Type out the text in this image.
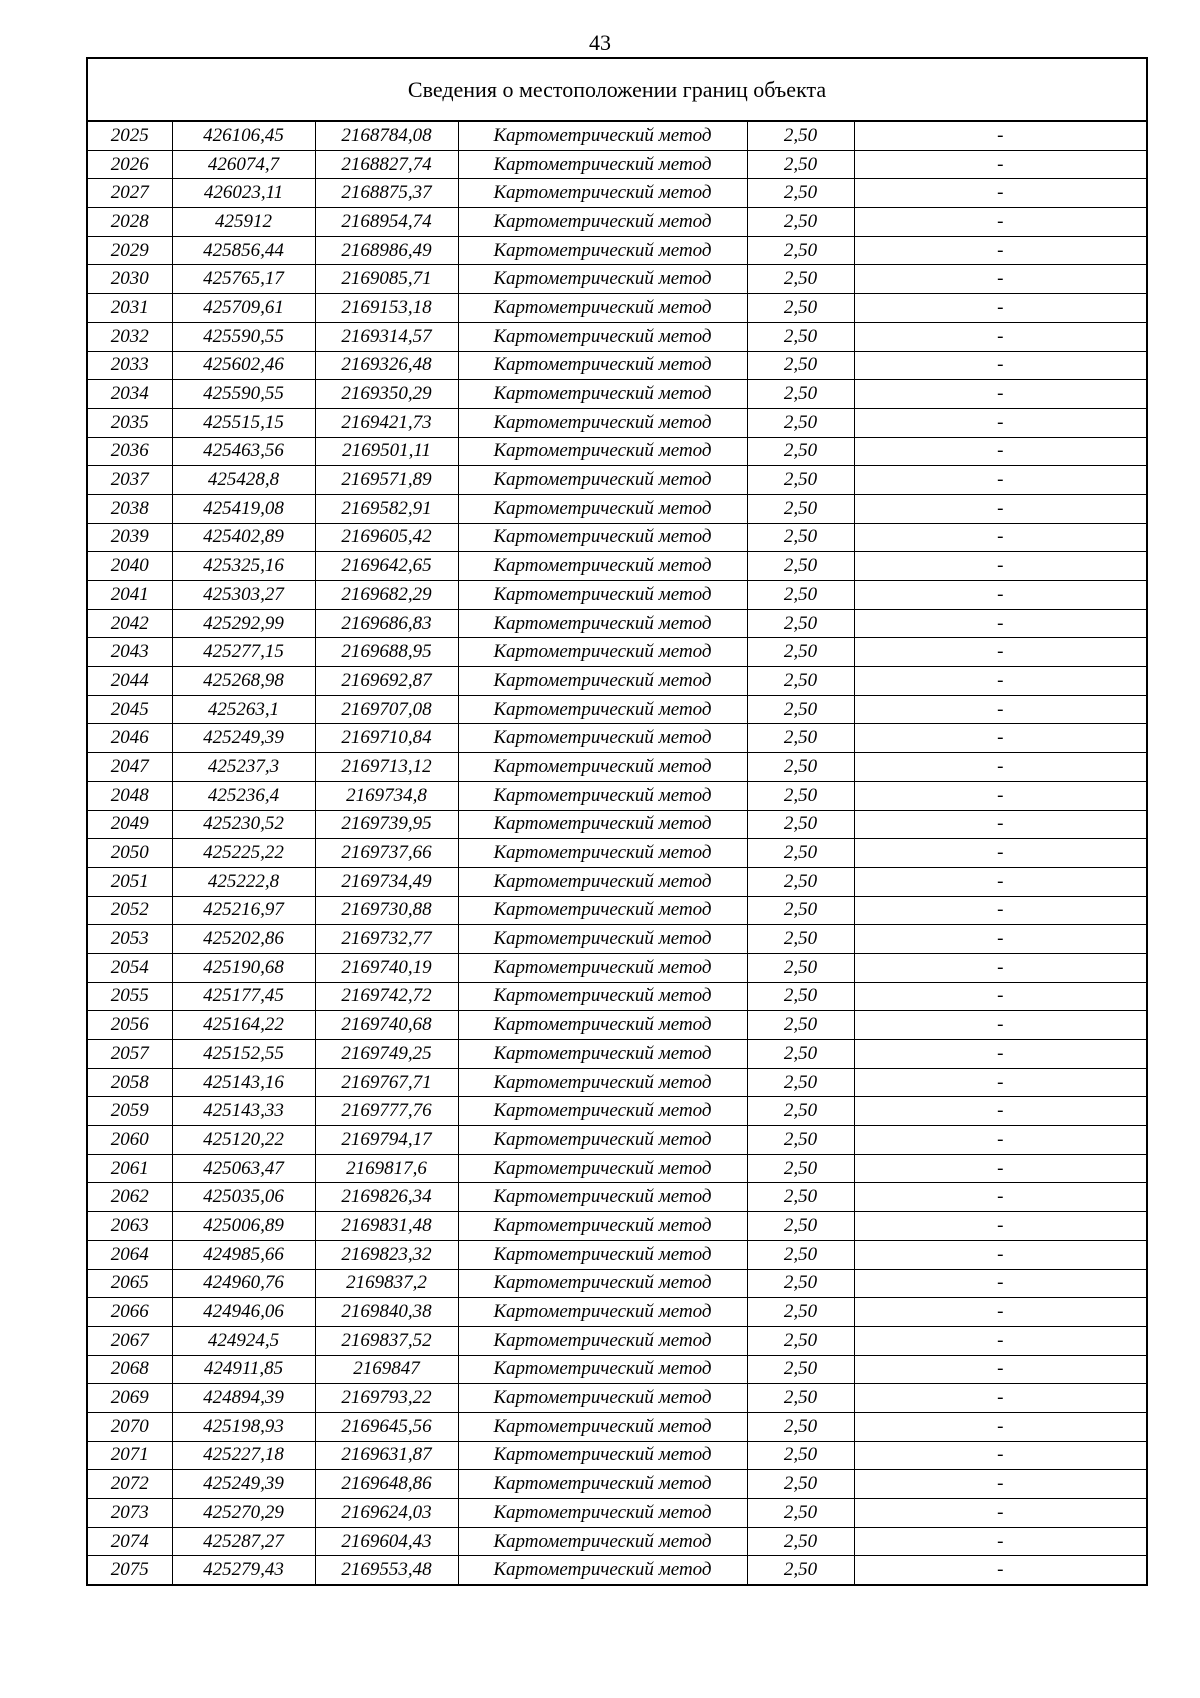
43
Сведения о местоположении границ объекта					
2025	426106,45	2168784,08	Картометрический метод	2,50	-
2026	426074,7	2168827,74	Картометрический метод	2,50	-
2027	426023,11	2168875,37	Картометрический метод	2,50	-
2028	425912	2168954,74	Картометрический метод	2,50	-
2029	425856,44	2168986,49	Картометрический метод	2,50	-
2030	425765,17	2169085,71	Картометрический метод	2,50	-
2031	425709,61	2169153,18	Картометрический метод	2,50	-
2032	425590,55	2169314,57	Картометрический метод	2,50	-
2033	425602,46	2169326,48	Картометрический метод	2,50	-
2034	425590,55	2169350,29	Картометрический метод	2,50	-
2035	425515,15	2169421,73	Картометрический метод	2,50	-
2036	425463,56	2169501,11	Картометрический метод	2,50	-
2037	425428,8	2169571,89	Картометрический метод	2,50	-
2038	425419,08	2169582,91	Картометрический метод	2,50	-
2039	425402,89	2169605,42	Картометрический метод	2,50	-
2040	425325,16	2169642,65	Картометрический метод	2,50	-
2041	425303,27	2169682,29	Картометрический метод	2,50	-
2042	425292,99	2169686,83	Картометрический метод	2,50	-
2043	425277,15	2169688,95	Картометрический метод	2,50	-
2044	425268,98	2169692,87	Картометрический метод	2,50	-
2045	425263,1	2169707,08	Картометрический метод	2,50	-
2046	425249,39	2169710,84	Картометрический метод	2,50	-
2047	425237,3	2169713,12	Картометрический метод	2,50	-
2048	425236,4	2169734,8	Картометрический метод	2,50	-
2049	425230,52	2169739,95	Картометрический метод	2,50	-
2050	425225,22	2169737,66	Картометрический метод	2,50	-
2051	425222,8	2169734,49	Картометрический метод	2,50	-
2052	425216,97	2169730,88	Картометрический метод	2,50	-
2053	425202,86	2169732,77	Картометрический метод	2,50	-
2054	425190,68	2169740,19	Картометрический метод	2,50	-
2055	425177,45	2169742,72	Картометрический метод	2,50	-
2056	425164,22	2169740,68	Картометрический метод	2,50	-
2057	425152,55	2169749,25	Картометрический метод	2,50	-
2058	425143,16	2169767,71	Картометрический метод	2,50	-
2059	425143,33	2169777,76	Картометрический метод	2,50	-
2060	425120,22	2169794,17	Картометрический метод	2,50	-
2061	425063,47	2169817,6	Картометрический метод	2,50	-
2062	425035,06	2169826,34	Картометрический метод	2,50	-
2063	425006,89	2169831,48	Картометрический метод	2,50	-
2064	424985,66	2169823,32	Картометрический метод	2,50	-
2065	424960,76	2169837,2	Картометрический метод	2,50	-
2066	424946,06	2169840,38	Картометрический метод	2,50	-
2067	424924,5	2169837,52	Картометрический метод	2,50	-
2068	424911,85	2169847	Картометрический метод	2,50	-
2069	424894,39	2169793,22	Картометрический метод	2,50	-
2070	425198,93	2169645,56	Картометрический метод	2,50	-
2071	425227,18	2169631,87	Картометрический метод	2,50	-
2072	425249,39	2169648,86	Картометрический метод	2,50	-
2073	425270,29	2169624,03	Картометрический метод	2,50	-
2074	425287,27	2169604,43	Картометрический метод	2,50	-
2075	425279,43	2169553,48	Картометрический метод	2,50	-
